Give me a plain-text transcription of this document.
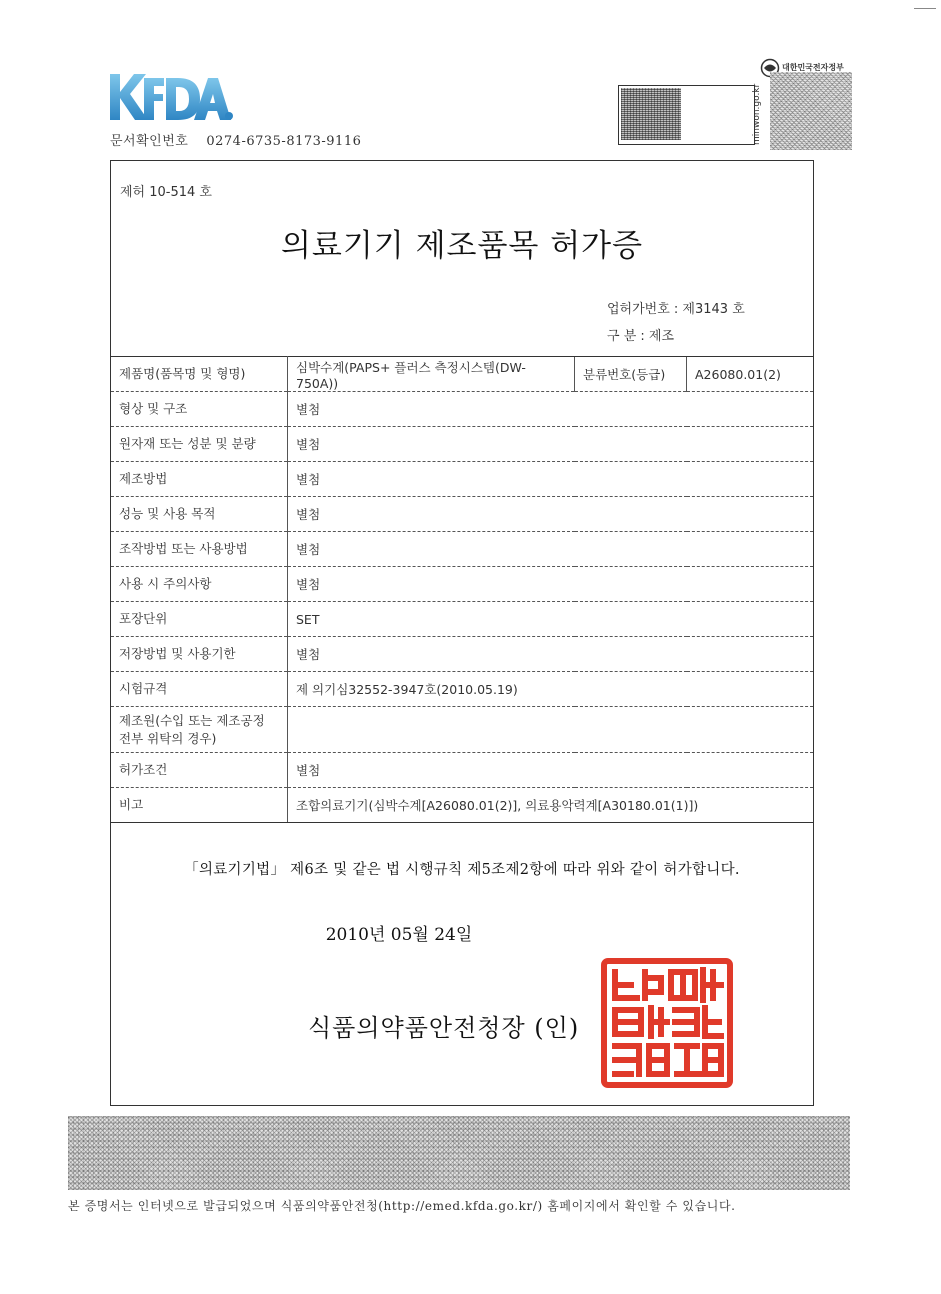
문서확인번호 0274-6735-8173-9116	minwon.go.kr
대한민국전자정부
제허 10-514 호
의료기기 제조품목 허가증
업허가번호 : 제3143 호
구 분 : 제조
제품명(품목명 및 형명)	심박수계(PAPS+ 플러스 측정시스템(DW-750A))	분류번호(등급)	A26080.01(2)
형상 및 구조	별첨		
원자재 또는 성분 및 분량	별첨		
제조방법	별첨		
성능 및 사용 목적	별첨		
조작방법 또는 사용방법	별첨		
사용 시 주의사항	별첨		
포장단위	SET		
저장방법 및 사용기한	별첨		
시험규격	제 의기심32552-3947호(2010.05.19)		
제조원(수입 또는 제조공정 전부 위탁의 경우)			
허가조건	별첨		
비고	조합의료기기(심박수계[A26080.01(2)], 의료용악력계[A30180.01(1)])		
「의료기기법」 제6조 및 같은 법 시행규칙 제5조제2항에 따라 위와 같이 허가합니다.
2010년 05월 24일
식품의약품안전청장 (인)
본 증명서는 인터넷으로 발급되었으며 식품의약품안전청(http://emed.kfda.go.kr/) 홈페이지에서 확인할 수 있습니다.
